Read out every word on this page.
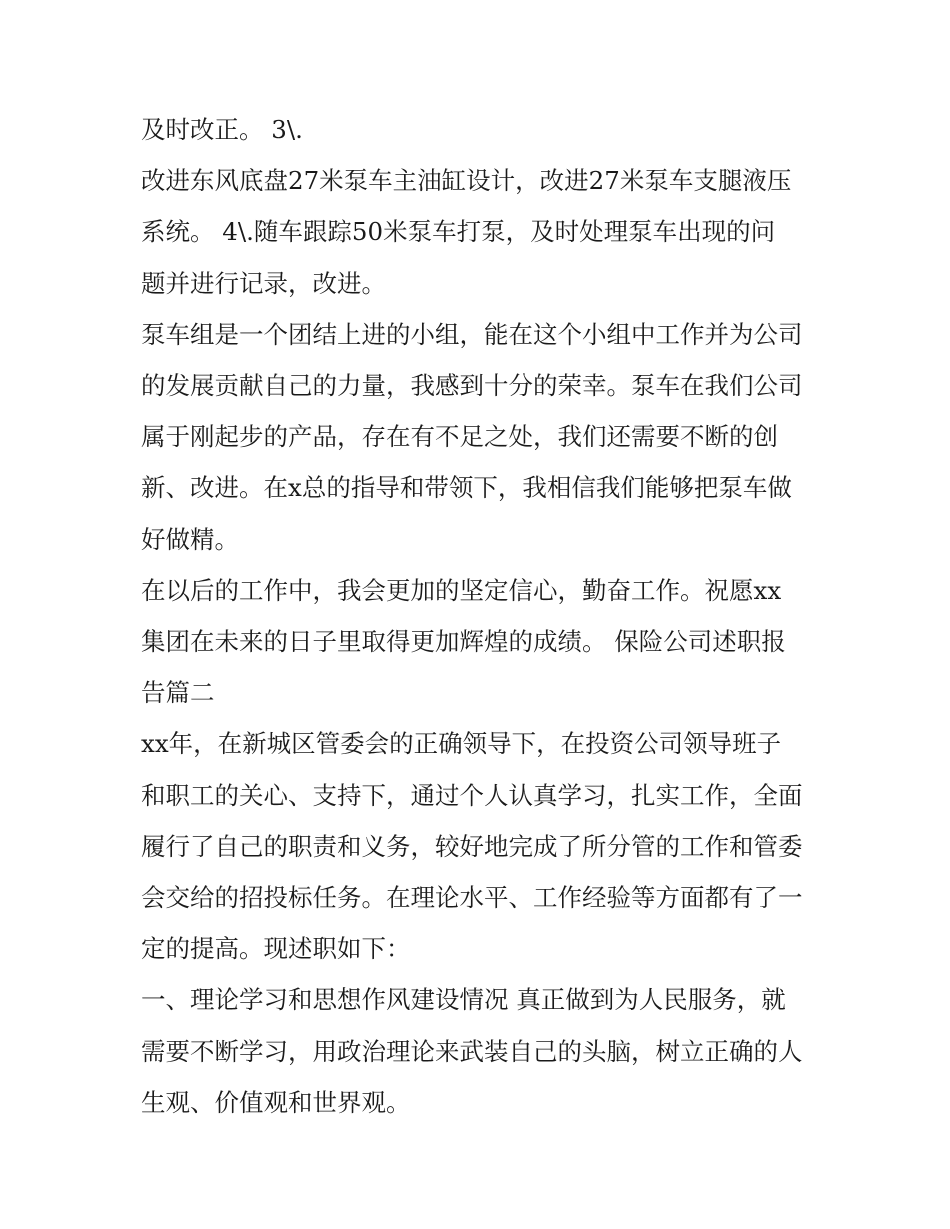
及时改正。 3\.

改进东风底盘27米泵车主油缸设计，改进27米泵车支腿液压

系统。 4\.随车跟踪50米泵车打泵，及时处理泵车出现的问

题并进行记录，改进。

泵车组是一个团结上进的小组，能在这个小组中工作并为公司

的发展贡献自己的力量，我感到十分的荣幸。泵车在我们公司

属于刚起步的产品，存在有不足之处，我们还需要不断的创

新、改进。在x总的指导和带领下，我相信我们能够把泵车做

好做精。

在以后的工作中，我会更加的坚定信心，勤奋工作。祝愿xx

集团在未来的日子里取得更加辉煌的成绩。 保险公司述职报

告篇二

xx年，在新城区管委会的正确领导下，在投资公司领导班子

和职工的关心、支持下，通过个人认真学习，扎实工作，全面

履行了自己的职责和义务，较好地完成了所分管的工作和管委

会交给的招投标任务。在理论水平、工作经验等方面都有了一

定的提高。现述职如下：

一、理论学习和思想作风建设情况 真正做到为人民服务，就

需要不断学习，用政治理论来武装自己的头脑，树立正确的人

生观、价值观和世界观。
